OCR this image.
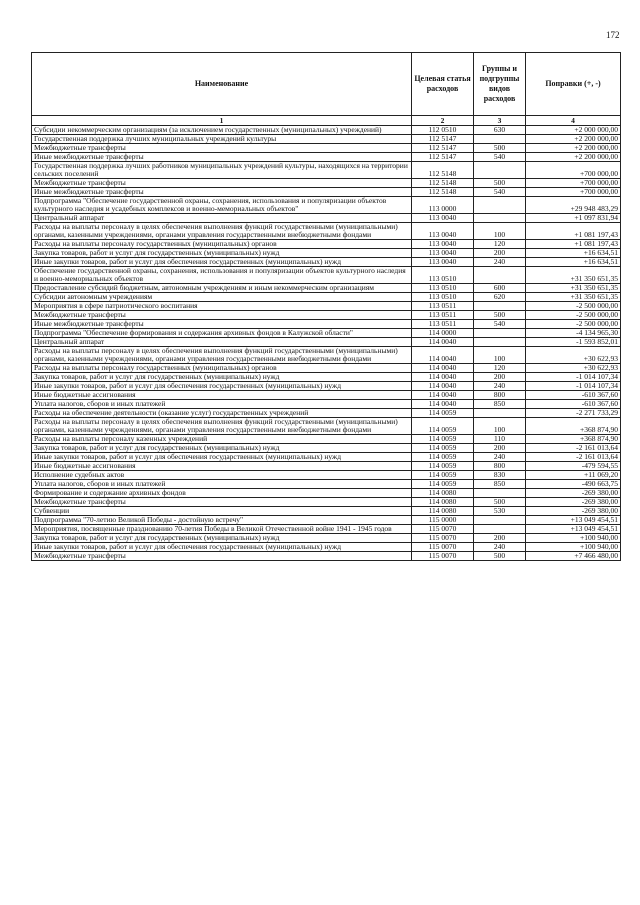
172
Наименование	Целевая статья расходов	Группы и подгруппы видов расходов	Поправки (+, -)
1	2	3	4
Субсидии некоммерческим организациям (за исключением государственных (муниципальных) учреждений)	112 0510	630	+2 000 000,00
Государственная поддержка лучших муниципальных учреждений культуры	112 5147		+2 200 000,00
Межбюджетные трансферты	112 5147	500	+2 200 000,00
Иные межбюджетные трансферты	112 5147	540	+2 200 000,00
Государственная поддержка лучших работников муниципальных учреждений культуры, находящихся на территории сельских поселений	112 5148		+700 000,00
Межбюджетные трансферты	112 5148	500	+700 000,00
Иные межбюджетные трансферты	112 5148	540	+700 000,00
Подпрограмма "Обеспечение государственной охраны, сохранения, использования и популяризации объектов культурного наследия и усадебных комплексов и военно-мемориальных объектов"	113 0000		+29 948 483,29
Центральный аппарат	113 0040		+1 097 831,94
Расходы на выплаты персоналу в целях обеспечения выполнения функций государственными (муниципальными) органами, казенными учреждениями, органами управления государственными внебюджетными фондами	113 0040	100	+1 081 197,43
Расходы на выплаты персоналу государственных (муниципальных) органов	113 0040	120	+1 081 197,43
Закупка товаров, работ и услуг для государственных (муниципальных) нужд	113 0040	200	+16 634,51
Иные закупки товаров, работ и услуг для обеспечения государственных (муниципальных) нужд	113 0040	240	+16 634,51
Обеспечение государственной охраны, сохранения, использования и популяризации объектов культурного наследия и военно-мемориальных объектов	113 0510		+31 350 651,35
Предоставление субсидий бюджетным, автономным учреждениям и иным некоммерческим организациям	113 0510	600	+31 350 651,35
Субсидии автономным учреждениям	113 0510	620	+31 350 651,35
Мероприятия в сфере патриотического воспитания	113 0511		-2 500 000,00
Межбюджетные трансферты	113 0511	500	-2 500 000,00
Иные межбюджетные трансферты	113 0511	540	-2 500 000,00
Подпрограмма "Обеспечение формирования и содержания архивных фондов в Калужской области"	114 0000		-4 134 965,30
Центральный аппарат	114 0040		-1 593 852,01
Расходы на выплаты персоналу в целях обеспечения выполнения функций государственными (муниципальными) органами, казенными учреждениями, органами управления государственными внебюджетными фондами	114 0040	100	+30 622,93
Расходы на выплаты персоналу государственных (муниципальных) органов	114 0040	120	+30 622,93
Закупка товаров, работ и услуг для государственных (муниципальных) нужд	114 0040	200	-1 014 107,34
Иные закупки товаров, работ и услуг для обеспечения государственных (муниципальных) нужд	114 0040	240	-1 014 107,34
Иные бюджетные ассигнования	114 0040	800	-610 367,60
Уплата налогов, сборов и иных платежей	114 0040	850	-610 367,60
Расходы на обеспечение деятельности (оказание услуг) государственных учреждений	114 0059		-2 271 733,29
Расходы на выплаты персоналу в целях обеспечения выполнения функций государственными (муниципальными) органами, казенными учреждениями, органами управления государственными внебюджетными фондами	114 0059	100	+368 874,90
Расходы на выплаты персоналу казенных учреждений	114 0059	110	+368 874,90
Закупка товаров, работ и услуг для государственных (муниципальных) нужд	114 0059	200	-2 161 013,64
Иные закупки товаров, работ и услуг для обеспечения государственных (муниципальных) нужд	114 0059	240	-2 161 013,64
Иные бюджетные ассигнования	114 0059	800	-479 594,55
Исполнение судебных актов	114 0059	830	+11 069,20
Уплата налогов, сборов и иных платежей	114 0059	850	-490 663,75
Формирование и содержание архивных фондов	114 0080		-269 380,00
Межбюджетные трансферты	114 0080	500	-269 380,00
Субвенции	114 0080	530	-269 380,00
Подпрограмма "70-летию Великой Победы - достойную встречу"	115 0000		+13 049 454,51
Мероприятия, посвященные празднованию 70-летия Победы в Великой Отечественной войне 1941 - 1945 годов	115 0070		+13 049 454,51
Закупка товаров, работ и услуг для государственных (муниципальных) нужд	115 0070	200	+100 940,00
Иные закупки товаров, работ и услуг для обеспечения государственных (муниципальных) нужд	115 0070	240	+100 940,00
Межбюджетные трансферты	115 0070	500	+7 466 480,00
